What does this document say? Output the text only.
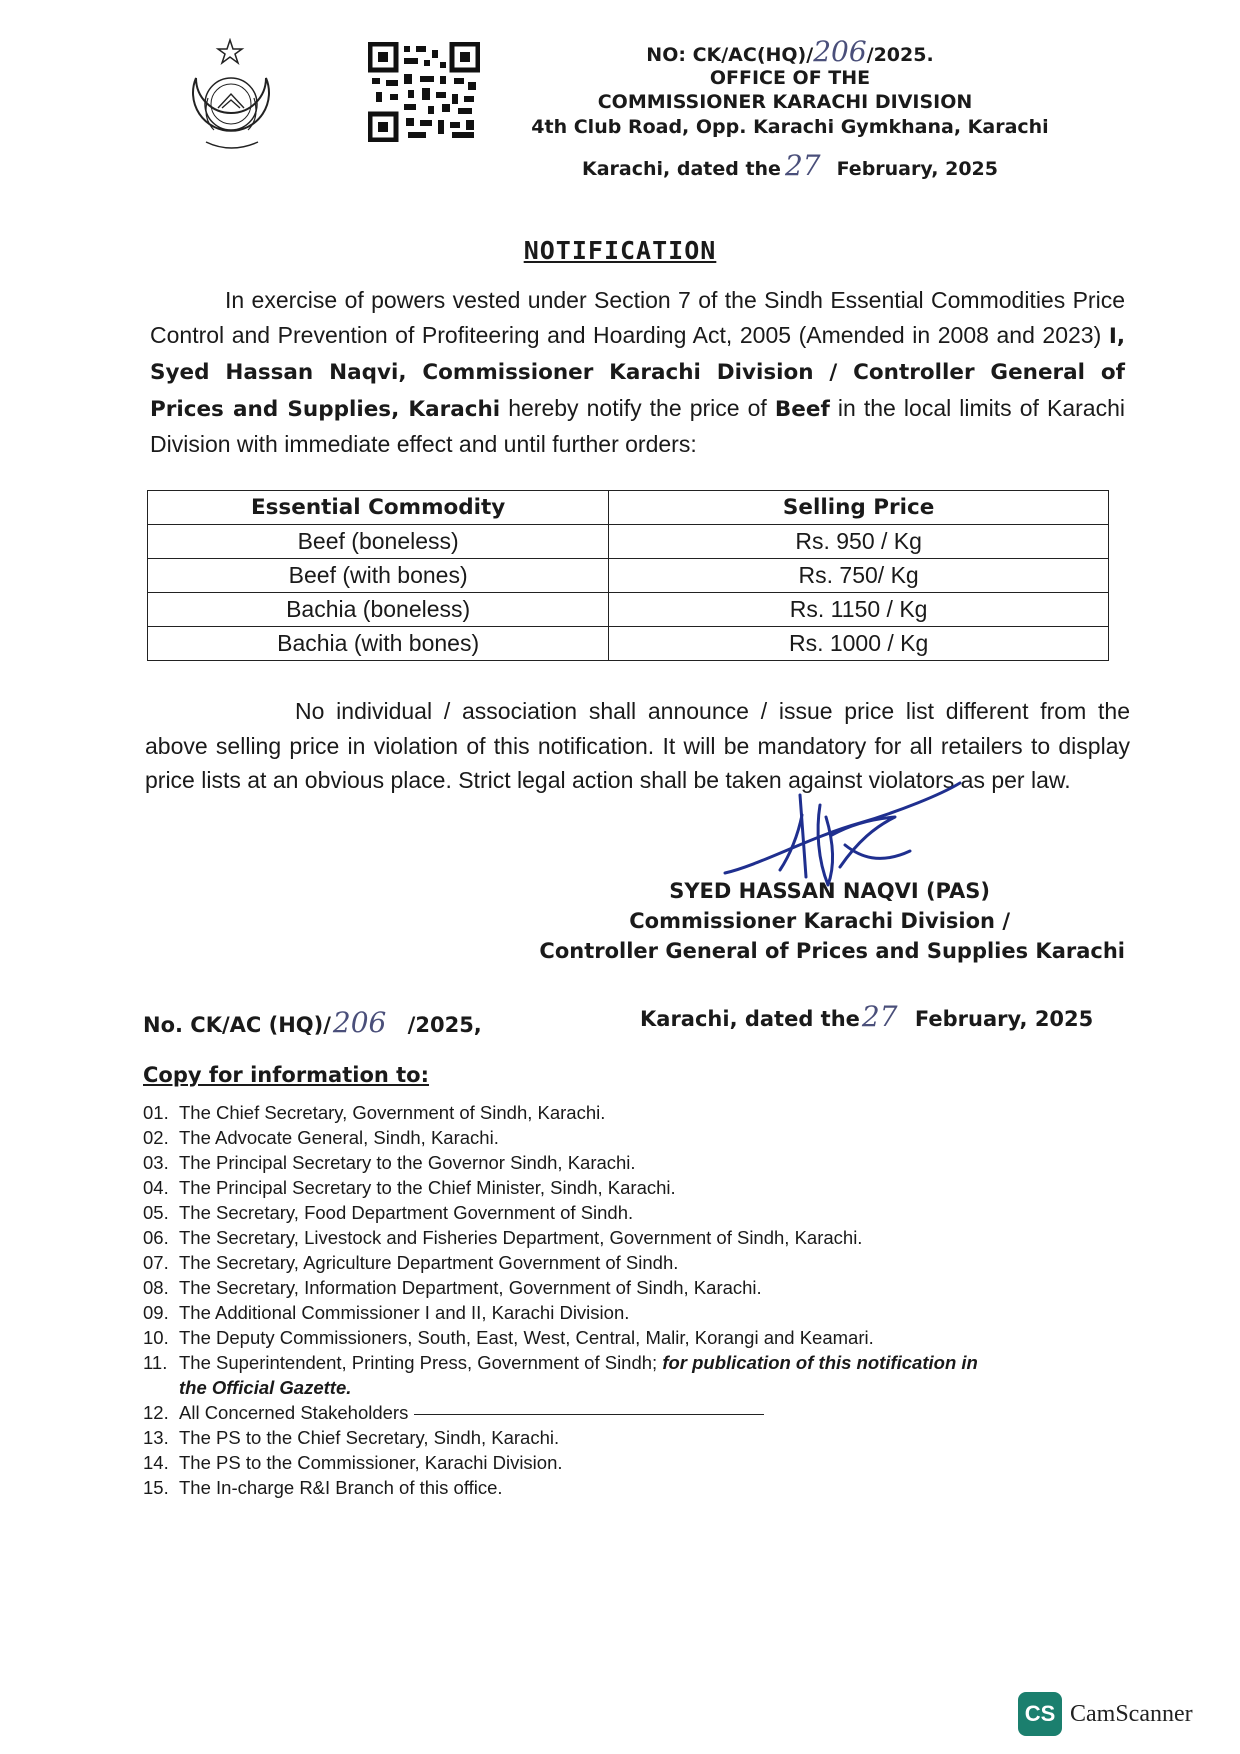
NO: CK/AC(HQ)/206/2025.
OFFICE OF THE
COMMISSIONER KARACHI DIVISION
4th Club Road, Opp. Karachi Gymkhana, Karachi
Karachi, dated the 27 February, 2025
NOTIFICATION
In exercise of powers vested under Section 7 of the Sindh Essential Commodities Price Control and Prevention of Profiteering and Hoarding Act, 2005 (Amended in 2008 and 2023) I, Syed Hassan Naqvi, Commissioner Karachi Division / Controller General of Prices and Supplies, Karachi hereby notify the price of Beef in the local limits of Karachi Division with immediate effect and until further orders:
Essential Commodity	Selling Price
Beef (boneless)	Rs. 950 / Kg
Beef (with bones)	Rs. 750/ Kg
Bachia (boneless)	Rs. 1150 / Kg
Bachia (with bones)	Rs. 1000 / Kg
No individual / association shall announce / issue price list different from the above selling price in violation of this notification. It will be mandatory for all retailers to display price lists at an obvious place. Strict legal action shall be taken against violators as per law.
SYED HASSAN NAQVI (PAS)
Commissioner Karachi Division /
Controller General of Prices and Supplies Karachi
No. CK/AC (HQ)/206 /2025,	Karachi, dated the27 February, 2025
Copy for information to:
01. The Chief Secretary, Government of Sindh, Karachi.
02. The Advocate General, Sindh, Karachi.
03. The Principal Secretary to the Governor Sindh, Karachi.
04. The Principal Secretary to the Chief Minister, Sindh, Karachi.
05. The Secretary, Food Department Government of Sindh.
06. The Secretary, Livestock and Fisheries Department, Government of Sindh, Karachi.
07. The Secretary, Agriculture Department Government of Sindh.
08. The Secretary, Information Department, Government of Sindh, Karachi.
09. The Additional Commissioner I and II, Karachi Division.
10. The Deputy Commissioners, South, East, West, Central, Malir, Korangi and Keamari.
11. The Superintendent, Printing Press, Government of Sindh; for publication of this notification in
the Official Gazette.
12. All Concerned Stakeholders
13. The PS to the Chief Secretary, Sindh, Karachi.
14. The PS to the Commissioner, Karachi Division.
15. The In-charge R&I Branch of this office.
CS CamScanner
